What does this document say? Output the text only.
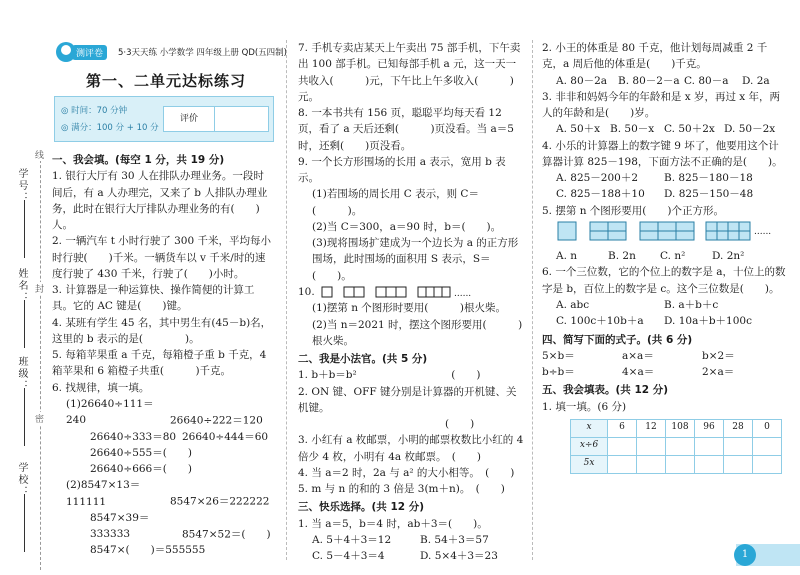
学号：
姓名：
班级：
学校：
线
封
密
测评卷	5·3天天练 小学数学 四年级上册 QD(五四制)
第一、二单元达标练习
◎ 时间：70 分钟
◎ 满分：100 分 + 10 分
评价
一、我会填。(每空 1 分，共 19 分)

1. 银行大厅有 30 人在排队办理业务。一段时间后，有 a 人办理完，又来了 b 人排队办理业务，此时在银行大厅排队办理业务的有(　　)人。

2. 一辆汽车 t 小时行驶了 300 千米，平均每小时行驶(　　)千米。一辆货车以 v 千米/时的速度行驶了 430 千米，行驶了(　　)小时。

3. 计算器是一种运算快、操作简便的计算工具。它的 AC 键是(　　)键。

4. 某班有学生 45 名，其中男生有(45－b)名，这里的 b 表示的是(　　　　)。

5. 每箱苹果重 a 千克，每箱橙子重 b 千克，4 箱苹果和 6 箱橙子共重(　　　)千克。

6. 找规律，填一填。

(1)26640÷111＝240	26640÷222＝120
26640÷333＝80 26640÷444＝60
26640÷555＝(　　)
26640÷666＝(　　)
(2)8547×13＝111111	8547×26＝222222
8547×39＝333333	8547×52＝(　　)
8547×(　　)＝555555

7. 手机专卖店某天上午卖出 75 部手机，下午卖出 100 部手机。已知每部手机 a 元，这一天一共收入(　　　)元，下午比上午多收入(　　　)元。

8. 一本书共有 156 页，聪聪平均每天看 12 页，看了 a 天后还剩(　　　)页没看。当 a＝5 时，还剩(　　)页没看。

9. 一个长方形围场的长用 a 表示，宽用 b 表示。

(1)若围场的周长用 C 表示，则 C＝(　　　)。

(2)当 C＝300，a＝90 时，b＝(　　)。

(3)现将围场扩建成为一个边长为 a 的正方形围场，此时围场的面积用 S 表示，S＝(　　)。

10.	......

(1)摆第 n 个图形时要用(　　　)根火柴。

(2)当 n＝2021 时，摆这个图形要用(　　　)根火柴。

二、我是小法官。(共 5 分)

1. b＋b＝b²　　　　　　　　　(　　)

2. ON 键、OFF 键分别是计算器的开机键、关机键。

　　　　　　　　　　　　　　(　　)

3. 小红有 a 枚邮票，小明的邮票枚数比小红的 4 倍少 4 枚，小明有 4a 枚邮票。　(　　)

4. 当 a＝2 时，2a 与 a² 的大小相等。　(　　)

5. m 与 n 的和的 3 倍是 3(m＋n)。　(　　)

三、快乐选择。(共 12 分)

1. 当 a＝5，b＝4 时，ab＋3＝(　　)。

A. 5＋4＋3＝12	B. 54＋3＝57
C. 5－4＋3＝4	D. 5×4＋3＝23

2. 小王的体重是 80 千克，他计划每周减重 2 千克，a 周后他的体重是(　　)千克。

A. 80－2a B. 80－2－a C. 80－a D. 2a

3. 非非和妈妈今年的年龄和是 x 岁，再过 x 年，两人的年龄和是(　　)岁。

A. 50＋x B. 50－x C. 50＋2x D. 50－2x

4. 小乐的计算器上的数字键 9 坏了，他要用这个计算器计算 825－198，下面方法不正确的是(　　)。

A. 825－200＋2 B. 825－180－18
C. 825－188＋10 D. 825－150－48

5. 摆第 n 个图形要用(　　)个正方形。

......
A. n	B. 2n C. n²	D. 2n²

6. 一个三位数，它的个位上的数字是 a，十位上的数字是 b，百位上的数字是 c。这个三位数是(　　)。

A. abc	B. a＋b＋c
C. 100c＋10b＋a D. 10a＋b＋100c
四、简写下面的式子。(共 6 分)
5×b＝	a×a＝	b×2＝
b÷b＝	4×a＝	2×a＝
五、我会填表。(共 12 分)

1. 填一填。(6 分)

x	6	12	108	96	28	0
x÷6						
5x						
1
